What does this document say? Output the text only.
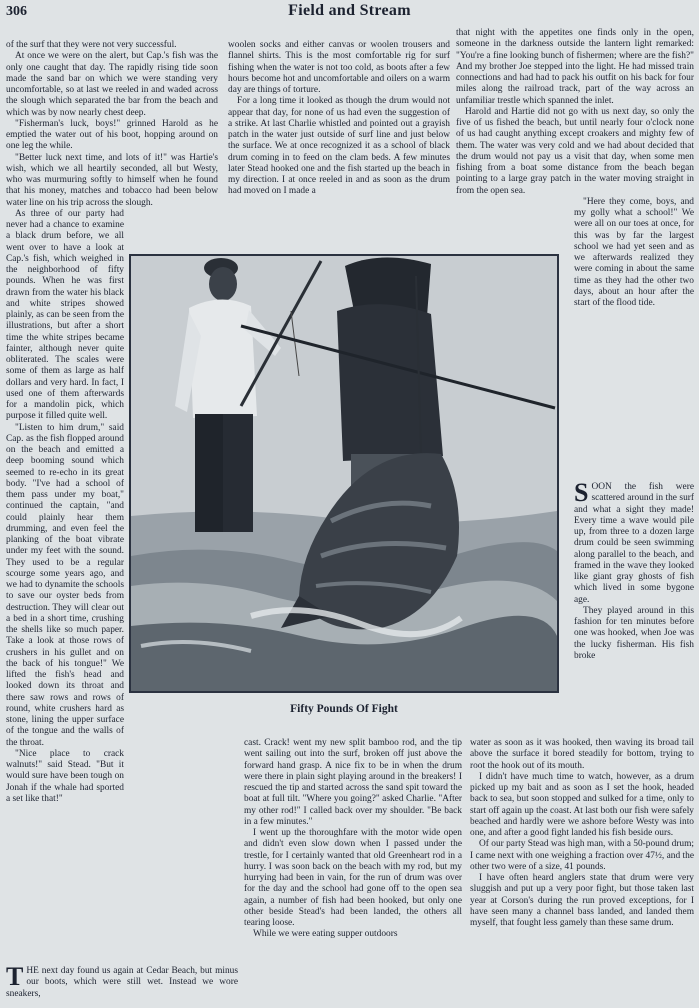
306	Field and Stream

of the surf that they were not very successful.

At once we were on the alert, but Cap.'s fish was the only one caught that day. The rapidly rising tide soon made the sand bar on which we were standing very uncomfortable, so at last we reeled in and waded across the slough which separated the bar from the beach and which was by now nearly chest deep.

"Fisherman's luck, boys!" grinned Harold as he emptied the water out of his boot, hopping around on one leg the while.

"Better luck next time, and lots of it!" was Hartie's wish, which we all heartily seconded, all but Westy, who was murmuring softly to himself when he found that his money, matches and tobacco had been below water line on his trip across the slough.

As three of our party had never had a chance to examine a black drum before, we all went over to have a look at Cap.'s fish, which weighed in the neighborhood of fifty pounds. When he was first drawn from the water his black and white stripes showed plainly, as can be seen from the illustrations, but after a short time the white stripes became fainter, although never quite obliterated. The scales were some of them as large as half dollars and very hard. In fact, I used one of them afterwards for a mandolin pick, which purpose it filled quite well.

"Listen to him drum," said Cap. as the fish flopped around on the beach and emitted a deep booming sound which seemed to re-echo in its great body. "I've had a school of them pass under my boat," continued the captain, "and could plainly hear them drumming, and even feel the planking of the boat vibrate under my feet with the sound. They used to be a regular scourge some years ago, and we had to dynamite the schools to save our oyster beds from destruction. They will clear out a bed in a short time, crushing the shells like so much paper. Take a look at those rows of crushers in his gullet and on the back of his tongue!" We lifted the fish's head and looked down its throat and there saw rows and rows of round, white crushers hard as stone, lining the upper surface of the tongue and the walls of the throat.

"Nice place to crack walnuts!" said Stead. "But it would sure have been tough on Jonah if the whale had sported a set like that!"

THE next day found us again at Cedar Beach, but minus our boots, which were still wet. Instead we wore sneakers,

woolen socks and either canvas or woolen trousers and flannel shirts. This is the most comfortable rig for surf fishing when the water is not too cold, as boots after a few hours become hot and uncomfortable and oilers on a warm day are things of torture.

For a long time it looked as though the drum would not appear that day, for none of us had even the suggestion of a strike. At last Charlie whistled and pointed out a grayish patch in the water just outside of surf line and just below the surface. We at once recognized it as a school of black drum coming in to feed on the clam beds. A few minutes later Stead hooked one and the fish started up the beach in my direction. I at once reeled in and as soon as the drum had moved on I made a

cast. Crack! went my new split bamboo rod, and the tip went sailing out into the surf, broken off just above the forward hand grasp. A nice fix to be in when the drum were there in plain sight playing around in the breakers! I rescued the tip and started across the sand spit toward the boat at full tilt. "Where you going?" asked Charlie. "After my other rod!" I called back over my shoulder. "Be back in a few minutes."

I went up the thoroughfare with the motor wide open and didn't even slow down when I passed under the trestle, for I certainly wanted that old Greenheart rod in a hurry. I was soon back on the beach with my rod, but my hurrying had been in vain, for the run of drum was over for the day and the school had gone off to the open sea again, a number of fish had been hooked, but only one other beside Stead's had been landed, the others all tearing loose.

While we were eating supper outdoors

that night with the appetites one finds only in the open, someone in the darkness outside the lantern light remarked: "You're a fine looking bunch of fishermen; where are the fish?" And my brother Joe stepped into the light. He had missed train connections and had had to pack his outfit on his back for four miles along the railroad track, part of the way across an unfamiliar trestle which spanned the inlet.

Harold and Hartie did not go with us next day, so only the five of us fished the beach, but until nearly four o'clock none of us had caught anything except croakers and mighty few of them. The water was very cold and we had about decided that the drum would not pay us a visit that day, when some men fishing from a boat some distance from the beach began pointing to a large gray patch in the water moving straight in from the open sea.

"Here they come, boys, and my golly what a school!" We were all on our toes at once, for this was by far the largest school we had yet seen and as we afterwards realized they were coming in about the same time as they had the other two days, about an hour after the start of the flood tide.

SOON the fish were scattered around in the surf and what a sight they made! Every time a wave would pile up, from three to a dozen large drum could be seen swimming along parallel to the beach, and framed in the wave they looked like giant gray ghosts of fish which lived in some bygone age.

They played around in this fashion for ten minutes before one was hooked, when Joe was the lucky fisherman. His fish broke

water as soon as it was hooked, then waving its broad tail above the surface it bored steadily for bottom, trying to root the hook out of its mouth.

I didn't have much time to watch, however, as a drum picked up my bait and as soon as I set the hook, headed back to sea, but soon stopped and sulked for a time, only to start off again up the coast. At last both our fish were safely beached and hardly were we ashore before Westy was into one, and after a good fight landed his fish beside ours.

Of our party Stead was high man, with a 50-pound drum; I came next with one weighing a fraction over 47½, and the other two were of a size, 41 pounds.

I have often heard anglers state that drum were very sluggish and put up a very poor fight, but those taken last year at Corson's during the run proved exceptions, for I have seen many a channel bass landed, and landed them myself, that fought less gamely than these same drum.

Fifty Pounds Of Fight
